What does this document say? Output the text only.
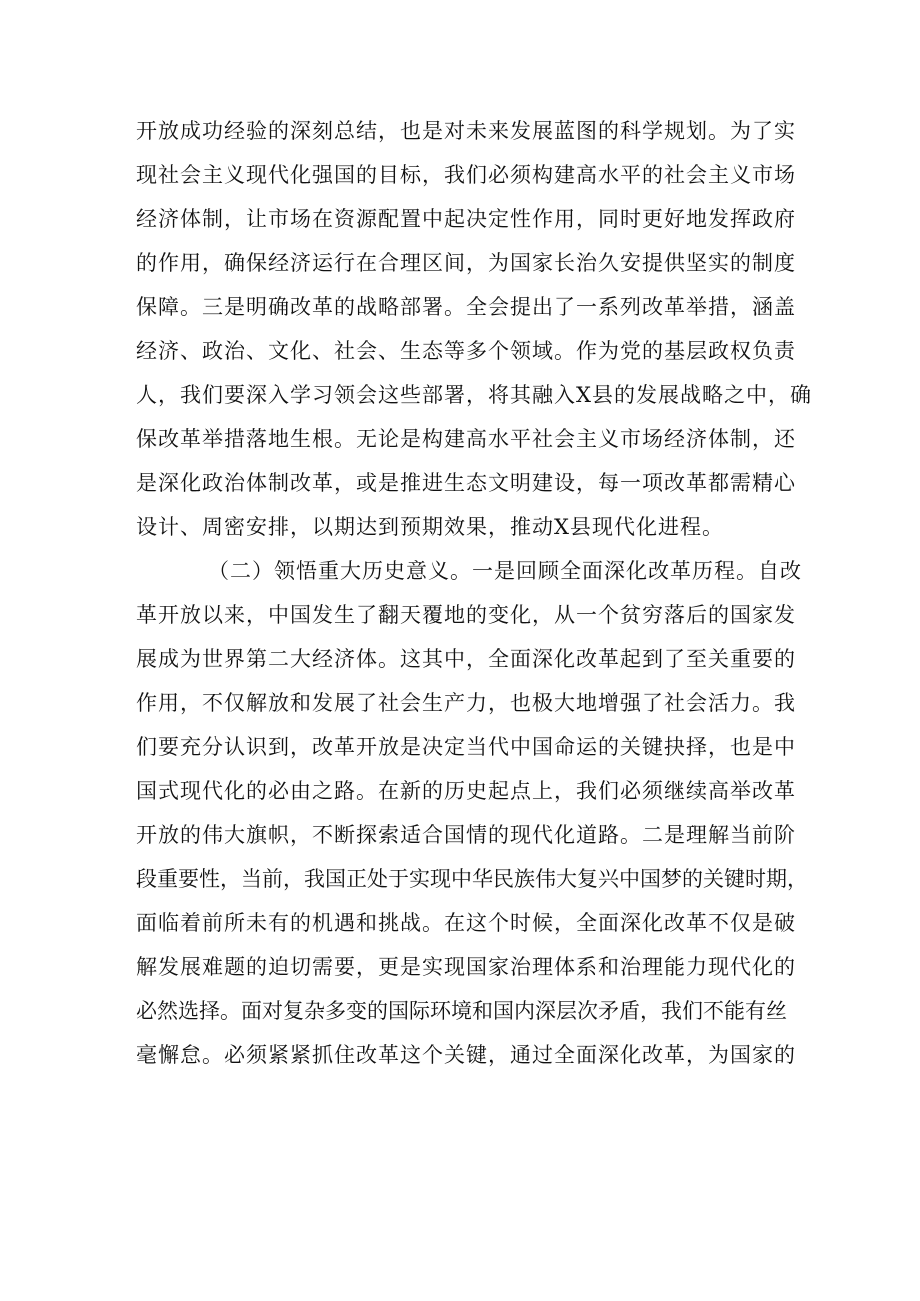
开放成功经验的深刻总结，也是对未来发展蓝图的科学规划。为了实
现社会主义现代化强国的目标，我们必须构建高水平的社会主义市场
经济体制，让市场在资源配置中起决定性作用，同时更好地发挥政府
的作用，确保经济运行在合理区间，为国家长治久安提供坚实的制度
保障。三是明确改革的战略部署。全会提出了一系列改革举措，涵盖
经济、政治、文化、社会、生态等多个领域。作为党的基层政权负责
人，我们要深入学习领会这些部署，将其融入X县的发展战略之中，确
保改革举措落地生根。无论是构建高水平社会主义市场经济体制，还
是深化政治体制改革，或是推进生态文明建设，每一项改革都需精心
设计、周密安排，以期达到预期效果，推动X县现代化进程。
（二）领悟重大历史意义。一是回顾全面深化改革历程。自改
革开放以来，中国发生了翻天覆地的变化，从一个贫穷落后的国家发
展成为世界第二大经济体。这其中，全面深化改革起到了至关重要的
作用，不仅解放和发展了社会生产力，也极大地增强了社会活力。我
们要充分认识到，改革开放是决定当代中国命运的关键抉择，也是中
国式现代化的必由之路。在新的历史起点上，我们必须继续高举改革
开放的伟大旗帜，不断探索适合国情的现代化道路。二是理解当前阶
段重要性，当前，我国正处于实现中华民族伟大复兴中国梦的关键时期，
面临着前所未有的机遇和挑战。在这个时候，全面深化改革不仅是破
解发展难题的迫切需要，更是实现国家治理体系和治理能力现代化的
必然选择。面对复杂多变的国际环境和国内深层次矛盾，我们不能有丝
毫懈怠。必须紧紧抓住改革这个关键，通过全面深化改革，为国家的
